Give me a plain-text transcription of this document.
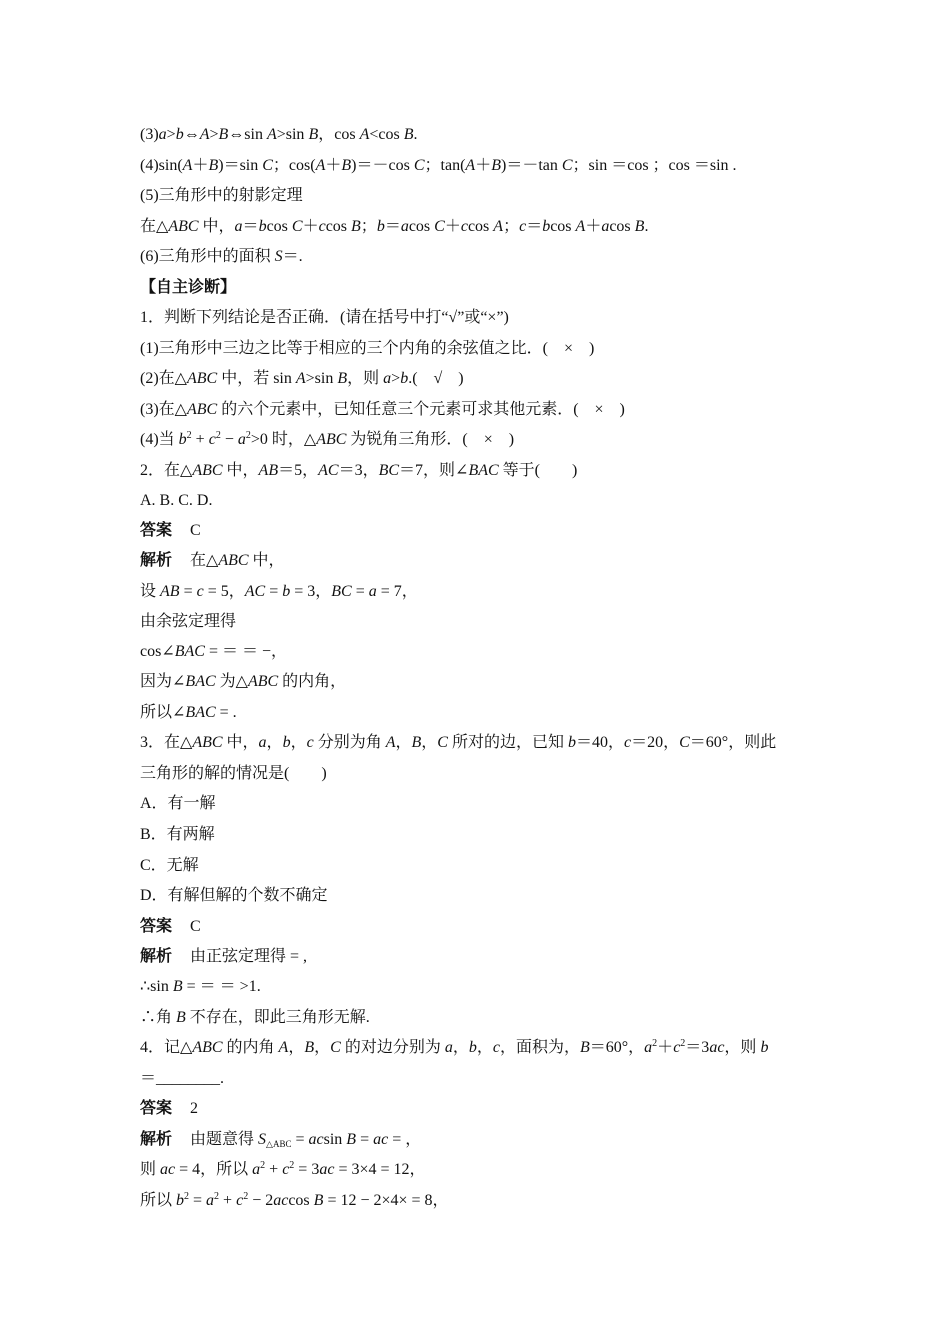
(3)a>b⇔A>B⇔sin A>sin B，cos A<cos B.
(4)sin(A＋B)＝sin C；cos(A＋B)＝－cos C；tan(A＋B)＝－tan C；sin ＝cos ；cos ＝sin .
(5)三角形中的射影定理
在△ABC 中，a＝bcos C＋ccos B；b＝acos C＋ccos A；c＝bcos A＋acos B.
(6)三角形中的面积 S＝.
【自主诊断】
1．判断下列结论是否正确．(请在括号中打“√”或“×”)
(1)三角形中三边之比等于相应的三个内角的余弦值之比．(　×　)
(2)在△ABC 中，若 sin A>sin B，则 a>b.(　√　)
(3)在△ABC 的六个元素中，已知任意三个元素可求其他元素．(　×　)
(4)当 $b^2 + c^2 - a^2>0$ 时，△ABC 为锐角三角形．(　×　)
2．在△ABC 中，AB＝5，AC＝3，BC＝7，则∠BAC 等于(　　)
A. B. C. D.
答案 C
解析 在△ABC 中，
设 AB = c = 5，AC = b = 3，BC = a = 7，
由余弦定理得
cos∠BAC = ＝ ＝ −，
因为∠BAC 为△ABC 的内角，
所以∠BAC = .
3．在△ABC 中，a，b，c 分别为角 A，B，C 所对的边，已知 b＝40，c＝20，C＝60°，则此
三角形的解的情况是(　　)
A．有一解
B．有两解
C．无解
D．有解但解的个数不确定
答案 C
解析 由正弦定理得 = ,
∴sin B = ＝ ＝ >1.
∴角 B 不存在，即此三角形无解.
4．记△ABC 的内角 A，B，C 的对边分别为 a，b，c，面积为，B＝60°，$a^2+c^2=3ac$，则 b
＝________.
答案 2
解析 由题意得 $S_{\triangle ABC} = acsin$ B = ac = ，
则 ac = 4，所以 $a^2 + c^2 = 3ac = 3\times 4 = 12$，
所以 $b^2 = a^2 + c^2 - 2accos$ B = 12 − 2×4× = 8，
